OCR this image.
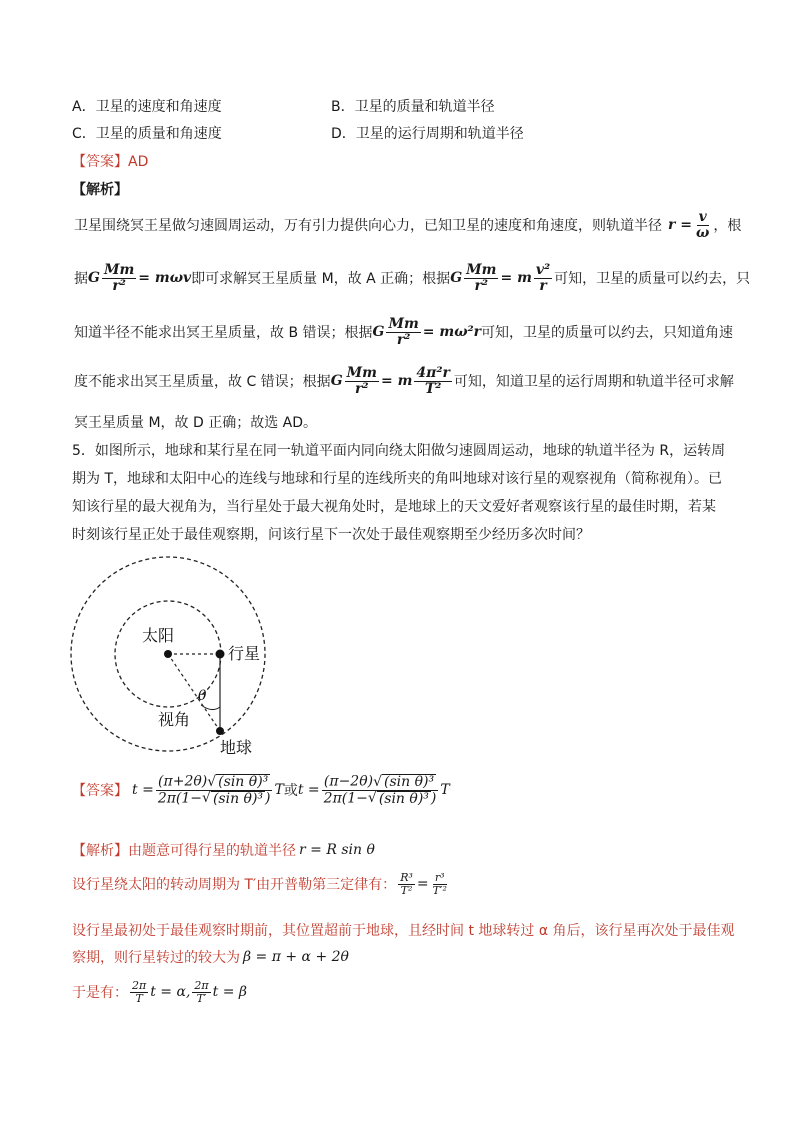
A．卫星的速度和角速度	B．卫星的质量和轨道半径
C．卫星的质量和角速度	D．卫星的运行周期和轨道半径
【答案】AD
【解析】
卫星围绕冥王星做匀速圆周运动，万有引力提供向心力，已知卫星的速度和角速度，则轨道半径 $r = \frac{v}{\omega}$ ，根
据 G $\frac{Mm}{\text{r²}} = m\omega v$ 即可求解冥王星质量 M，故 A 正确；根据 G $\frac{Mm}{\text{r²}} = m \frac{\text{v²}}{r}$ 可知，卫星的质量可以约去，只
知道半径不能求出冥王星质量，故 B 错误；根据 G $\frac{Mm}{\text{r²}} = m\omega^2r$ 可知，卫星的质量可以约去，只知道角速
度不能求出冥王星质量，故 C 错误；根据 G $\frac{Mm}{\text{r²}} = m \frac{\text{4π²r}}{\text{T²}}$ 可知，知道卫星的运行周期和轨道半径可求解
冥王星质量 M，故 D 正确；故选 AD。
5．如图所示，地球和某行星在同一轨道平面内同向绕太阳做匀速圆周运动，地球的轨道半径为 R，运转周
期为 T，地球和太阳中心的连线与地球和行星的连线所夹的角叫地球对该行星的观察视角（简称视角）。已
知该行星的最大视角为，当行星处于最大视角处时，是地球上的天文爱好者观察该行星的最佳时期，若某
时刻该行星正处于最佳观察期，问该行星下一次处于最佳观察期至少经历多次时间？
太阳
行星
视角
θ
地球
【答案】 $t = \frac{\text{(π+2θ)√ (sin θ)³}}{\text{2π(1−√ (sin θ)³ )}}$ T 或 $t = \frac{\text{(π−2θ)√ (sin θ)³}}{\text{2π(1−√ (sin θ)³ )}}$ T
【解析】 由题意可得行星的轨道半径 r = R sin θ
设行星绕太阳的转动周期为 T′由开普勒第三定律有： $\frac{\text{R³}}{\text{T²}} = \frac{\text{r³}}{\text{T′²}}$
设行星最初处于最佳观察时期前，其位置超前于地球，且经时间 t 地球转过 α 角后，该行星再次处于最佳观
察期，则行星转过的较大为 β = π + α + 2θ
于是有： $\frac{2\pi}{T}$ t = α, $\frac{2\pi}{T'}$ t = β
